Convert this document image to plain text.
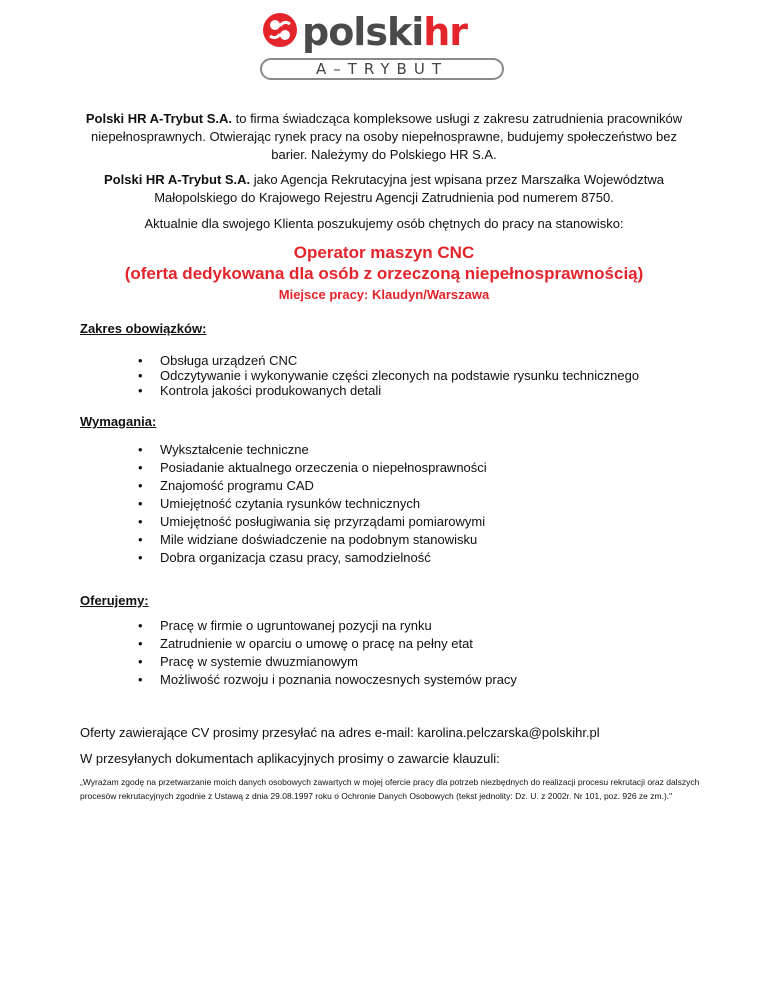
polskihr
A–TRYBUT
Polski HR A-Trybut S.A. to firma świadcząca kompleksowe usługi z zakresu zatrudnienia pracowników niepełnosprawnych. Otwierając rynek pracy na osoby niepełnosprawne, budujemy społeczeństwo bez barier. Należymy do Polskiego HR S.A.
Polski HR A-Trybut S.A. jako Agencja Rekrutacyjna jest wpisana przez Marszałka Województwa Małopolskiego do Krajowego Rejestru Agencji Zatrudnienia pod numerem 8750.
Aktualnie dla swojego Klienta poszukujemy osób chętnych do pracy na stanowisko:
Operator maszyn CNC
(oferta dedykowana dla osób z orzeczoną niepełnosprawnością)
Miejsce pracy: Klaudyn/Warszawa
Zakres obowiązków:
• Obsługa urządzeń CNC
• Odczytywanie i wykonywanie części zleconych na podstawie rysunku technicznego
• Kontrola jakości produkowanych detali
Wymagania:
• Wykształcenie techniczne
• Posiadanie aktualnego orzeczenia o niepełnosprawności
• Znajomość programu CAD
• Umiejętność czytania rysunków technicznych
• Umiejętność posługiwania się przyrządami pomiarowymi
• Mile widziane doświadczenie na podobnym stanowisku
• Dobra organizacja czasu pracy, samodzielność
Oferujemy:
• Pracę w firmie o ugruntowanej pozycji na rynku
• Zatrudnienie w oparciu o umowę o pracę na pełny etat
• Pracę w systemie dwuzmianowym
• Możliwość rozwoju i poznania nowoczesnych systemów pracy
Oferty zawierające CV prosimy przesyłać na adres e-mail: karolina.pelczarska@polskihr.pl
W przesyłanych dokumentach aplikacyjnych prosimy o zawarcie klauzuli:
„Wyrażam zgodę na przetwarzanie moich danych osobowych zawartych w mojej ofercie pracy dla potrzeb niezbędnych do realizacji procesu rekrutacji oraz dalszych procesów rekrutacyjnych zgodnie z Ustawą z dnia 29.08.1997 roku o Ochronie Danych Osobowych (tekst jednolity: Dz. U. z 2002r. Nr 101, poz. 926 ze zm.)."
